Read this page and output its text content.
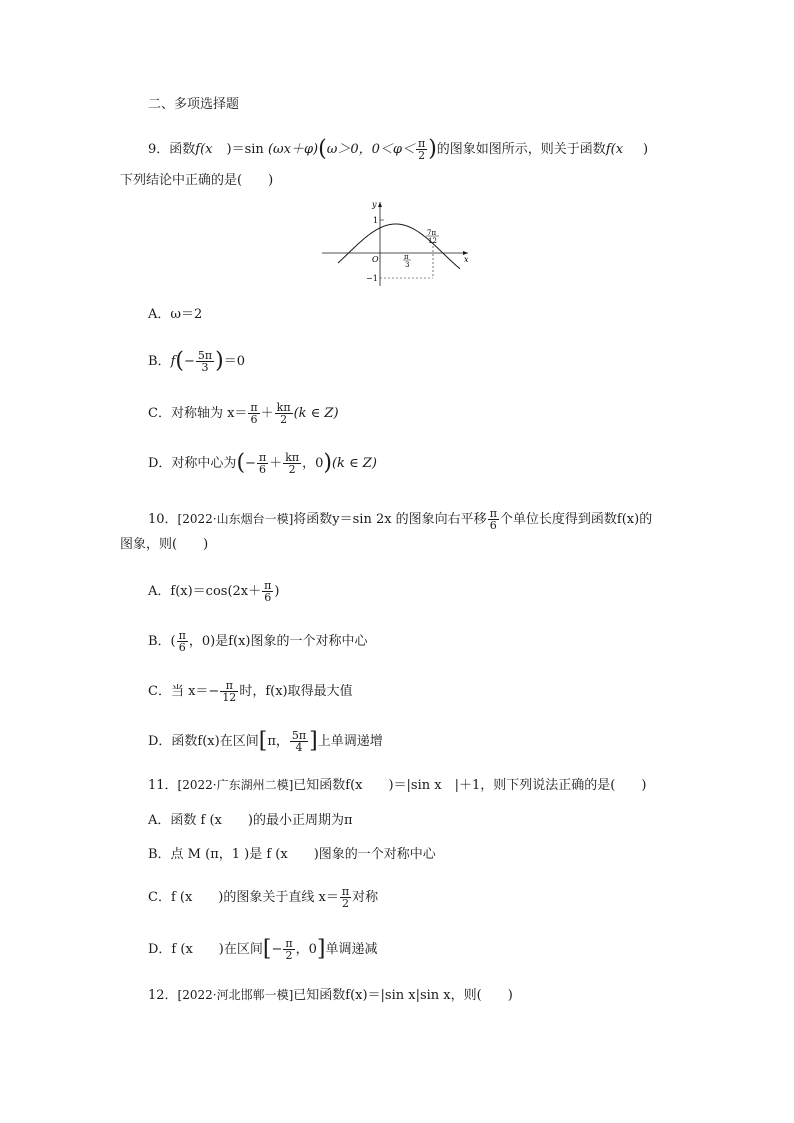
二、多项选择题
9．函数f(x )＝sin (ωx＋φ)(ω＞0，$0<\varphi< \frac{\pi}{2}$ )的图象如图所示，则关于函数f(x )
下列结论中正确的是(　　)
y
x
O
1
−1
π
3
7π
12
A．ω＝2
B．$f(- \frac{5\pi}{3} )=0$
C．对称轴为 $x= \frac{\pi}{6} + \frac{k\pi}{2} (k$ ∈ Z)
D．对称中心为(− $\frac{\pi}{6} + \frac{k\pi}{2}$ ，0)(k ∈ Z)
10．[2022·山东烟台一模]将函数y＝sin 2x 的图象向右平移 $\frac{\pi}{6}$ 个单位长度得到函数f(x)的
图象，则(　　)
A．$f(x)=\cos(2x+ \frac{\pi}{6}$ )
B．( $\frac{\pi}{6}$ ，0)是f(x)图象的一个对称中心
C．当 $x=- \frac{\pi}{12}$ 时，f(x)取得最大值
D．函数f(x)在区间[π， $\frac{5\pi}{4}$ ]上单调递增
11．[2022·广东湖州二模]已知函数f(x　　)＝|sin x　|＋1，则下列说法正确的是(　　)
A．函数 f (x　　)的最小正周期为π
B．点 M (π，1 )是 f (x　　)图象的一个对称中心
C．f (x　　)的图象关于直线 $x= \frac{\pi}{2}$ 对称
D．f (x　　)在区间[− $\frac{\pi}{2}$ ，0]单调递减
12．[2022·河北邯郸一模]已知函数f(x)＝|sin x|sin x，则(　　)
